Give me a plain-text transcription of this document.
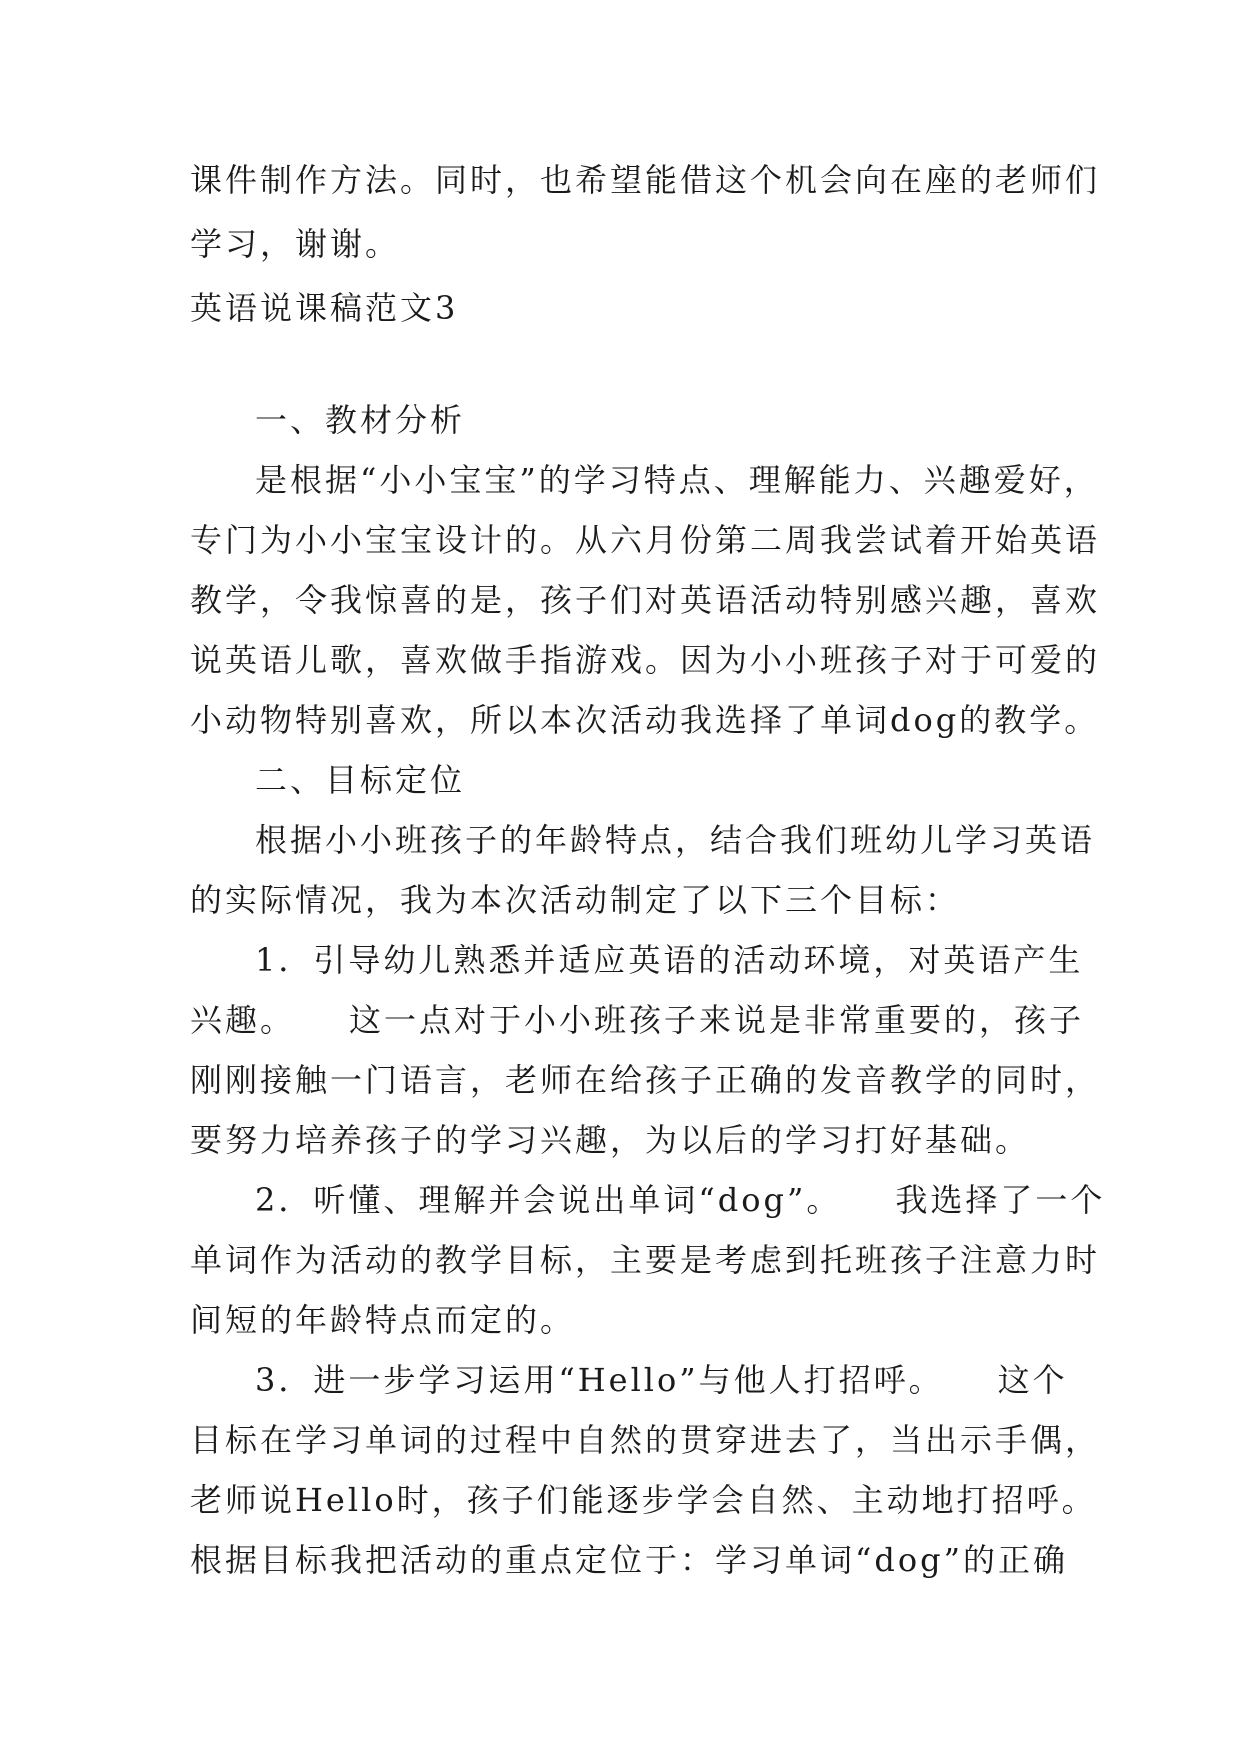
课件制作方法。同时，也希望能借这个机会向在座的老师们
学习，谢谢。
英语说课稿范文3
一、教材分析
是根据“小小宝宝”的学习特点、理解能力、兴趣爱好，
专门为小小宝宝设计的。从六月份第二周我尝试着开始英语
教学，令我惊喜的是，孩子们对英语活动特别感兴趣，喜欢
说英语儿歌，喜欢做手指游戏。因为小小班孩子对于可爱的
小动物特别喜欢，所以本次活动我选择了单词dog的教学。
二、目标定位
根据小小班孩子的年龄特点，结合我们班幼儿学习英语
的实际情况，我为本次活动制定了以下三个目标：
1．引导幼儿熟悉并适应英语的活动环境，对英语产生
兴趣。　　这一点对于小小班孩子来说是非常重要的，孩子
刚刚接触一门语言，老师在给孩子正确的发音教学的同时，
要努力培养孩子的学习兴趣，为以后的学习打好基础。
2．听懂、理解并会说出单词“dog”。　　我选择了一个
单词作为活动的教学目标，主要是考虑到托班孩子注意力时
间短的年龄特点而定的。
3．进一步学习运用“Hello”与他人打招呼。　　这个
目标在学习单词的过程中自然的贯穿进去了，当出示手偶，
老师说Hello时，孩子们能逐步学会自然、主动地打招呼。
根据目标我把活动的重点定位于：学习单词“dog”的正确
